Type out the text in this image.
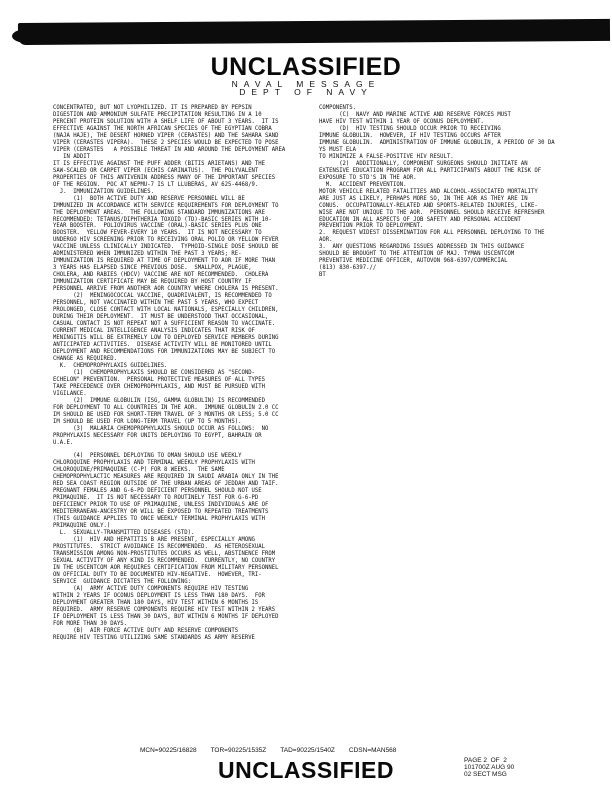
UNCLASSIFIED
NAVAL MESSAGE
DEPT OF NAVY
CONCENTRATED, BUT NOT LYOPHILIZED. IT IS PREPARED BY PEPSIN
DIGESTION AND AMMONIUM SULFATE PRECIPITATION RESULTING IN A 10
PERCENT PROTEIN SOLUTION WITH A SHELF LIFE OF ABOUT 3 YEARS.  IT IS
EFFECTIVE AGAINST THE NORTH AFRICAN SPECIES OF THE EGYPTIAN COBRA
(NAJA HAJE), THE DESERT HORNED VIPER (CERASTES) AND THE SAHARA SAND
VIPER (CERASTES VIPERA).  THESE 2 SPECIES WOULD BE EXPECTED TO POSE
VIPER (CERASTES   A POSSIBLE THREAT IN AND AROUND THE DEPLOYMENT AREA
IN ADDIT
IT IS EFFECTIVE AGAINST THE PUFF ADDER (BITIS ARIETANS) AND THE
SAW-SCALED OR CARPET VIPER (ECHIS CARINATUS).  THE POLYVALENT
PROPERTIES OF THIS ANTIVENIN ADDRESS MANY OF THE IMPORTANT SPECIES
OF THE REGION.  POC AT NEPMU-7 IS LT LLUBERAS, AV 625-4468/9.
J.  IMMUNIZATION GUIDELINES.
(1)  BOTH ACTIVE DUTY AND RESERVE PERSONNEL WILL BE
IMMUNIZED IN ACCORDANCE WITH SERVICE REQUIREMENTS FOR DEPLOYMENT TO
THE DEPLOYMENT AREAS.  THE FOLLOWING STANDARD IMMUNIZATIONS ARE
RECOMMENDED: TETANUS/DIPHTHERIA TOXOID (TD)-BASIC SERIES WITH 10-
YEAR BOOSTER.  POLIOVIRUS VACCINE (ORAL)-BASIC SERIES PLUS ONE
BOOSTER.  YELLOW FEVER-EVERY 10 YEARS.  IT IS NOT NECESSARY TO
UNDERGO HIV SCREENING PRIOR TO RECEIVING ORAL POLIO OR YELLOW FEVER
VACCINE UNLESS CLINICALLY INDICATED.  TYPHOID-SINGLE DOSE SHOULD BE
ADMINISTERED WHEN IMMUNIZED WITHIN THE PAST 3 YEARS; RE-
IMMUNIZATION IS REQUIRED AT TIME OF DEPLOYMENT TO AOR IF MORE THAN
3 YEARS HAS ELAPSED SINCE PREVIOUS DOSE.  SMALLPOX, PLAGUE,
CHOLERA, AND RABIES (HDCV) VACCINE ARE NOT RECOMMENDED.  CHOLERA
IMMUNIZATION CERTIFICATE MAY BE REQUIRED BY HOST COUNTRY IF
PERSONNEL ARRIVE FROM ANOTHER AOR COUNTRY WHERE CHOLERA IS PRESENT.
(2)  MENINGOCOCCAL VACCINE, QUADRIVALENT, IS RECOMMENDED TO
PERSONNEL, NOT VACCINATED WITHIN THE PAST 5 YEARS, WHO EXPECT
PROLONGED, CLOSE CONTACT WITH LOCAL NATIONALS, ESPECIALLY CHILDREN,
DURING THEIR DEPLOYMENT.  IT MUST BE UNDERSTOOD THAT OCCASIONAL,
CASUAL CONTACT IS NOT REPEAT NOT A SUFFICIENT REASON TO VACCINATE.
CURRENT MEDICAL INTELLIGENCE ANALYSIS INDICATES THAT RISK OF
MENINGITIS WILL BE EXTREMELY LOW TO DEPLOYED SERVICE MEMBERS DURING
ANTICIPATED ACTIVITIES.  DISEASE ACTIVITY WILL BE MONITORED UNTIL
DEPLOYMENT AND RECOMMENDATIONS FOR IMMUNIZATIONS MAY BE SUBJECT TO
CHANGE AS REQUIRED.
K.  CHEMOPROPHYLAXIS GUIDELINES.
(1)  CHEMOPROPHYLAXIS SHOULD BE CONSIDERED AS "SECOND-
ECHELON" PREVENTION.  PERSONAL PROTECTIVE MEASURES OF ALL TYPES
TAKE PRECEDENCE OVER CHEMOPROPHYLAXIS, AND MUST BE PURSUED WITH
VIGILANCE.
(2)  IMMUNE GLOBULIN (ISG, GAMMA GLOBULIN) IS RECOMMENDED
FOR DEPLOYMENT TO ALL COUNTRIES IN THE AOR.  IMMUNE GLOBULIN 2.0 CC
IM SHOULD BE USED FOR SHORT-TERM TRAVEL OF 3 MONTHS OR LESS; 5.0 CC
IM SHOULD BE USED FOR LONG-TERM TRAVEL (UP TO 5 MONTHS).
(3)  MALARIA CHEMOPROPHYLAXIS SHOULD OCCUR AS FOLLOWS:  NO
PROPHYLAXIS NECESSARY FOR UNITS DEPLOYING TO EGYPT, BAHRAIN OR
U.A.E.
(4)  PERSONNEL DEPLOYING TO OMAN SHOULD USE WEEKLY
CHLOROQUINE PROPHYLAXIS AND TERMINAL WEEKLY PROPHYLAXIS WITH
CHLOROQUINE/PRIMAQUINE (C-P) FOR 8 WEEKS.  THE SAME
CHEMOPROPHYLACTIC MEASURES ARE REQUIRED IN SAUDI ARABIA ONLY IN THE
RED SEA COAST REGION OUTSIDE OF THE URBAN AREAS OF JEDDAH AND TAIF.
PREGNANT FEMALES AND G-6-PD DEFICIENT PERSONNEL SHOULD NOT USE
PRIMAQUINE.  IT IS NOT NECESSARY TO ROUTINELY TEST FOR G-6-PD
DEFICIENCY PRIOR TO USE OF PRIMAQUINE, UNLESS INDIVIDUALS ARE OF
MEDITERRANEAN-ANCESTRY OR WILL BE EXPOSED TO REPEATED TREATMENTS
(THIS GUIDANCE APPLIES TO ONCE WEEKLY TERMINAL PROPHYLAXIS WITH
PRIMAQUINE ONLY.)
L.  SEXUALLY-TRANSMITTED DISEASES (STD).
(1)  HIV AND HEPATITIS B ARE PRESENT, ESPECIALLY AMONG
PROSTITUTES.  STRICT AVOIDANCE IS RECOMMENDED.  AS HETEROSEXUAL
TRANSMISSION AMONG NON-PROSTITUTES OCCURS AS WELL, ABSTINENCE FROM
SEXUAL ACTIVITY OF ANY KIND IS RECOMMENDED.  CURRENTLY, NO COUNTRY
IN THE USCENTCOM AOR REQUIRES CERTIFICATION FROM MILITARY PERSONNEL
ON OFFICIAL DUTY TO BE DOCUMENTED HIV-NEGATIVE.  HOWEVER, TRI-
SERVICE  GUIDANCE DICTATES THE FOLLOWING:
(A)  ARMY ACTIVE DUTY COMPONENTS REQUIRE HIV TESTING
WITHIN 2 YEARS IF OCONUS DEPLOYMENT IS LESS THAN 180 DAYS.  FOR
DEPLOYMENT GREATER THAN 180 DAYS, HIV TEST WITHIN 6 MONTHS IS
REQUIRED.  ARMY RESERVE COMPONENTS REQUIRE HIV TEST WITHIN 2 YEARS
IF DEPLOYMENT IS LESS THAN 30 DAYS, BUT WITHIN 6 MONTHS IF DEPLOYED
FOR MORE THAN 30 DAYS.
(B)  AIR FORCE ACTIVE DUTY AND RESERVE COMPONENTS
REQUIRE HIV TESTING UTILIZING SAME STANDARDS AS ARMY RESERVE
COMPONENTS.
(C)  NAVY AND MARINE ACTIVE AND RESERVE FORCES MUST
HAVE HIV TEST WITHIN 1 YEAR OF OCONUS DEPLOYMENT.
(D)  HIV TESTING SHOULD OCCUR PRIOR TO RECEIVING
IMMUNE GLOBULIN.  HOWEVER, IF HIV TESTING OCCURS AFTER
IMMUNE GLOBULIN.  ADMINISTRATION OF IMMUNE GLOBULIN, A PERIOD OF 30 DA
YS MUST ELA
TO MINIMIZE A FALSE-POSITIVE HIV RESULT.
(2)  ADDITIONALLY, COMPONENT SURGEONS SHOULD INITIATE AN
EXTENSIVE EDUCATION PROGRAM FOR ALL PARTICIPANTS ABOUT THE RISK OF
EXPOSURE TO STD'S IN THE AOR.
M.  ACCIDENT PREVENTION.
MOTOR VEHICLE RELATED FATALITIES AND ALCOHOL-ASSOCIATED MORTALITY
ARE JUST AS LIKELY, PERHAPS MORE SO, IN THE AOR AS THEY ARE IN
CONUS.  OCCUPATIONALLY-RELATED AND SPORTS-RELATED INJURIES, LIKE-
WISE ARE NOT UNIQUE TO THE AOR.  PERSONNEL SHOULD RECEIVE REFRESHER
EDUCATION IN ALL ASPECTS OF JOB SAFETY AND PERSONAL ACCIDENT
PREVENTION PRIOR TO DEPLOYMENT.
2.  REQUEST WIDEST DISSEMINATION FOR ALL PERSONNEL DEPLOYING TO THE
AOR.
3.  ANY QUESTIONS REGARDING ISSUES ADDRESSED IN THIS GUIDANCE
SHOULD BE BROUGHT TO THE ATTENTION OF MAJ. TYMAN USCENTCOM
PREVENTIVE MEDICINE OFFICER, AUTOVON 968-6397/COMMERCIAL
(813) 830-6397.//
BT
MCN=90225/16828 TOR=90225/1535Z TAD=90225/1540Z CDSN=MAN568
PAGE 2  OF  2
101700Z AUG 90
02 SECT MSG
UNCLASSIFIED
